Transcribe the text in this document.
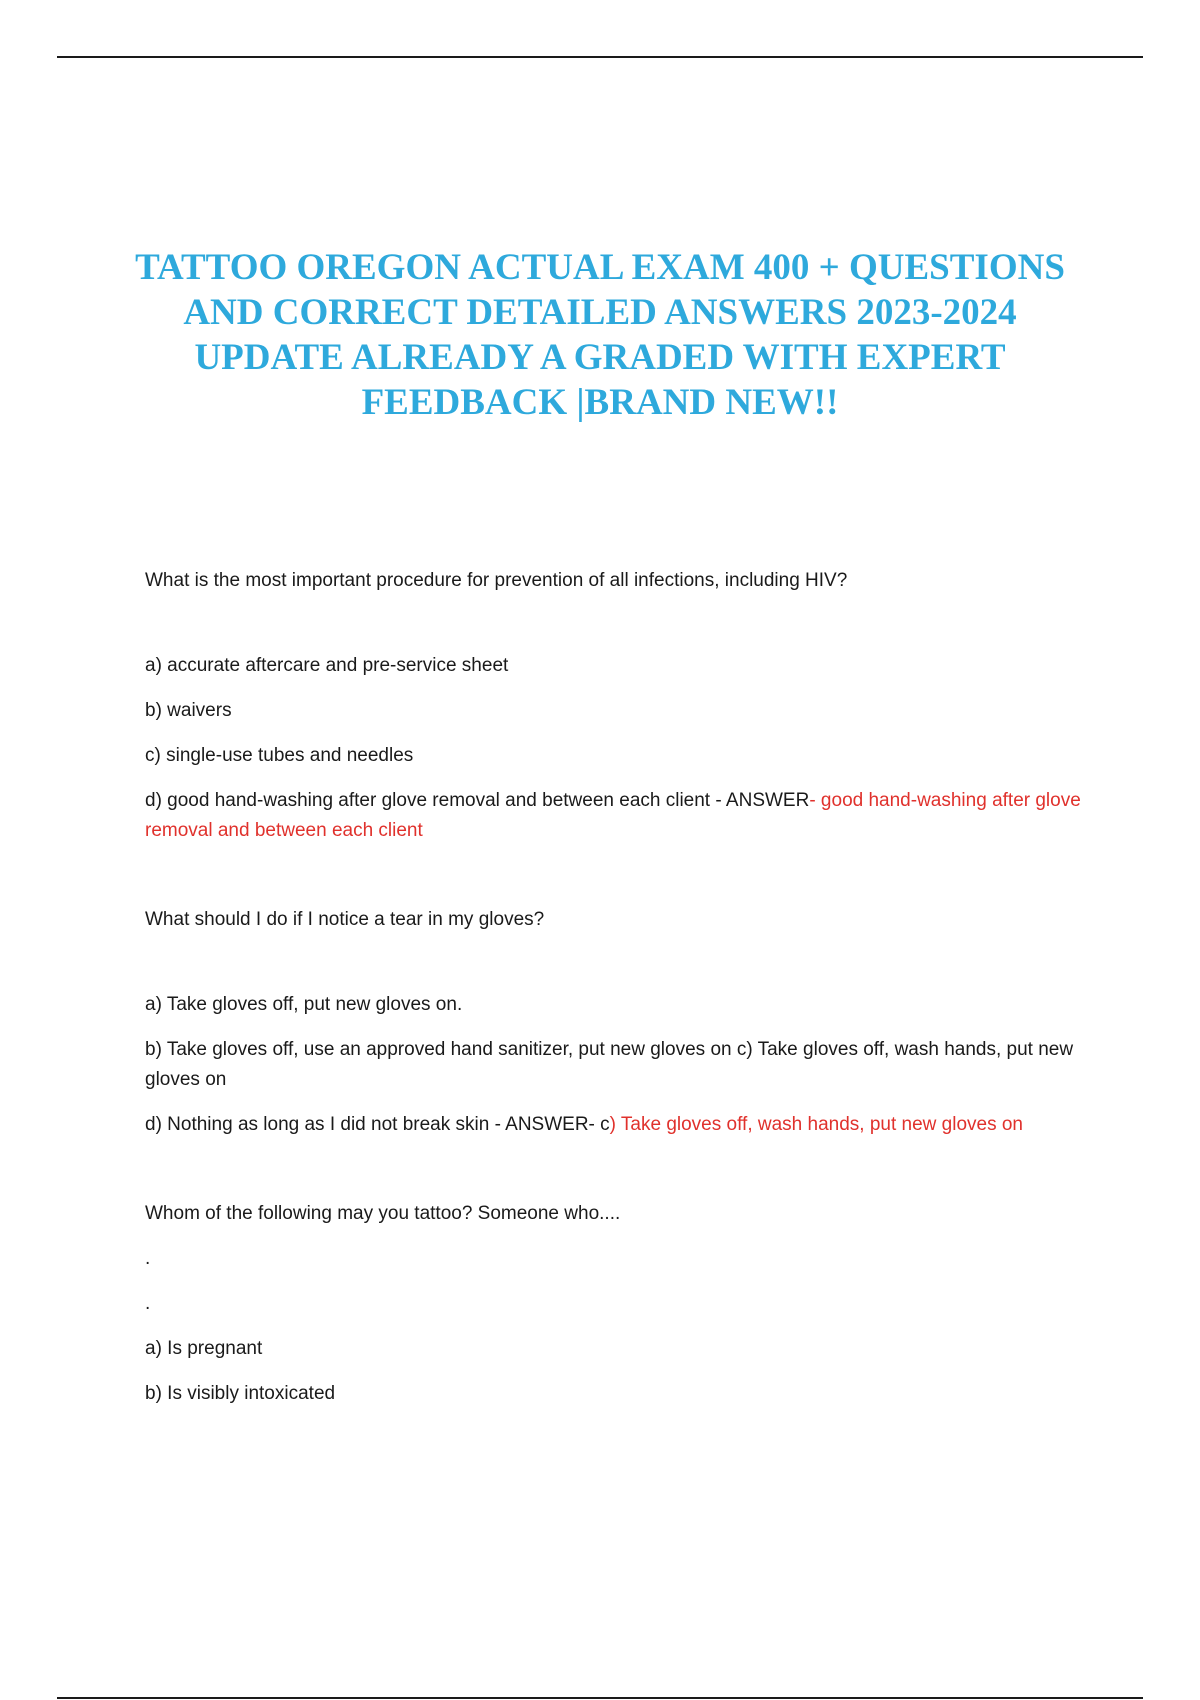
TATTOO OREGON ACTUAL EXAM 400 + QUESTIONS AND CORRECT DETAILED ANSWERS 2023-2024 UPDATE ALREADY A GRADED WITH EXPERT FEEDBACK |BRAND NEW!!

What is the most important procedure for prevention of all infections, including HIV?

a) accurate aftercare and pre-service sheet

b) waivers

c) single-use tubes and needles

d) good hand-washing after glove removal and between each client - ANSWER- good hand-washing after glove removal and between each client

What should I do if I notice a tear in my gloves?

a) Take gloves off, put new gloves on.

b) Take gloves off, use an approved hand sanitizer, put new gloves on c) Take gloves off, wash hands, put new gloves on

d) Nothing as long as I did not break skin - ANSWER- c) Take gloves off, wash hands, put new gloves on

Whom of the following may you tattoo? Someone who....

.

.

a) Is pregnant

b) Is visibly intoxicated
